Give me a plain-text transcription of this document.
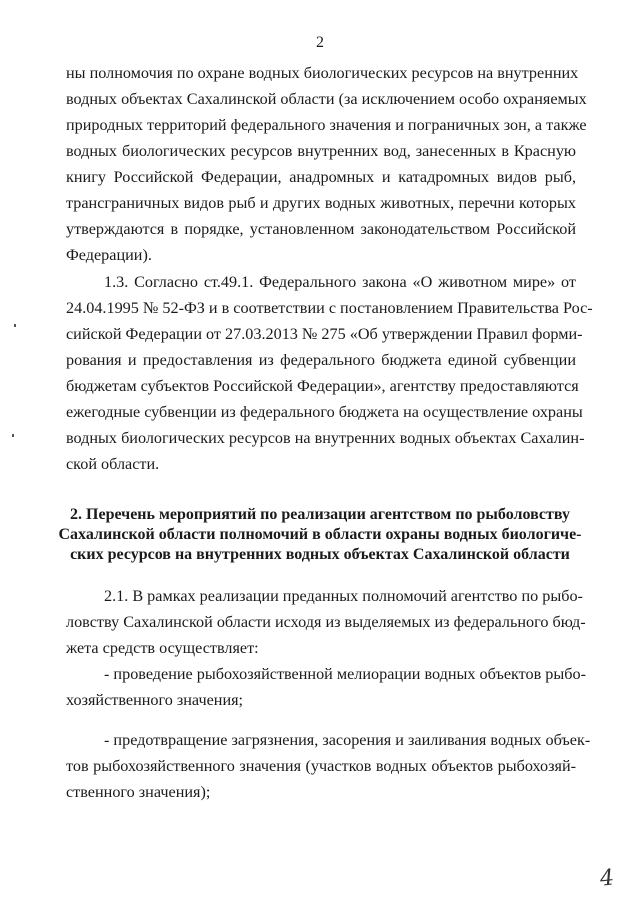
2
ны полномочия по охране водных биологических ресурсов на внутренних
водных объектах Сахалинской области (за исключением особо охраняемых
природных территорий федерального значения и пограничных зон, а также
водных биологических ресурсов внутренних вод, занесенных в Красную
книгу Российской Федерации, анадромных и катадромных видов рыб,
трансграничных видов рыб и других водных животных, перечни которых
утверждаются в порядке, установленном законодательством Российской
Федерации).
1.3. Согласно ст.49.1. Федерального закона «О животном мире» от
24.04.1995 № 52-ФЗ и в соответствии с постановлением Правительства Рос-
сийской Федерации от 27.03.2013 № 275 «Об утверждении Правил форми-
рования и предоставления из федерального бюджета единой субвенции
бюджетам субъектов Российской Федерации», агентству предоставляются
ежегодные субвенции из федерального бюджета на осуществление охраны
водных биологических ресурсов на внутренних водных объектах Сахалин-
ской области.
2. Перечень мероприятий по реализации агентством по рыболовству
Сахалинской области полномочий в области охраны водных биологиче-
ских ресурсов на внутренних водных объектах Сахалинской области
2.1. В рамках реализации преданных полномочий агентство по рыбо-
ловству Сахалинской области исходя из выделяемых из федерального бюд-
жета средств осуществляет:
- проведение рыбохозяйственной мелиорации водных объектов рыбо-
хозяйственного значения;
- предотвращение загрязнения, засорения и заиливания водных объек-
тов рыбохозяйственного значения (участков водных объектов рыбохозяй-
ственного значения);
4
